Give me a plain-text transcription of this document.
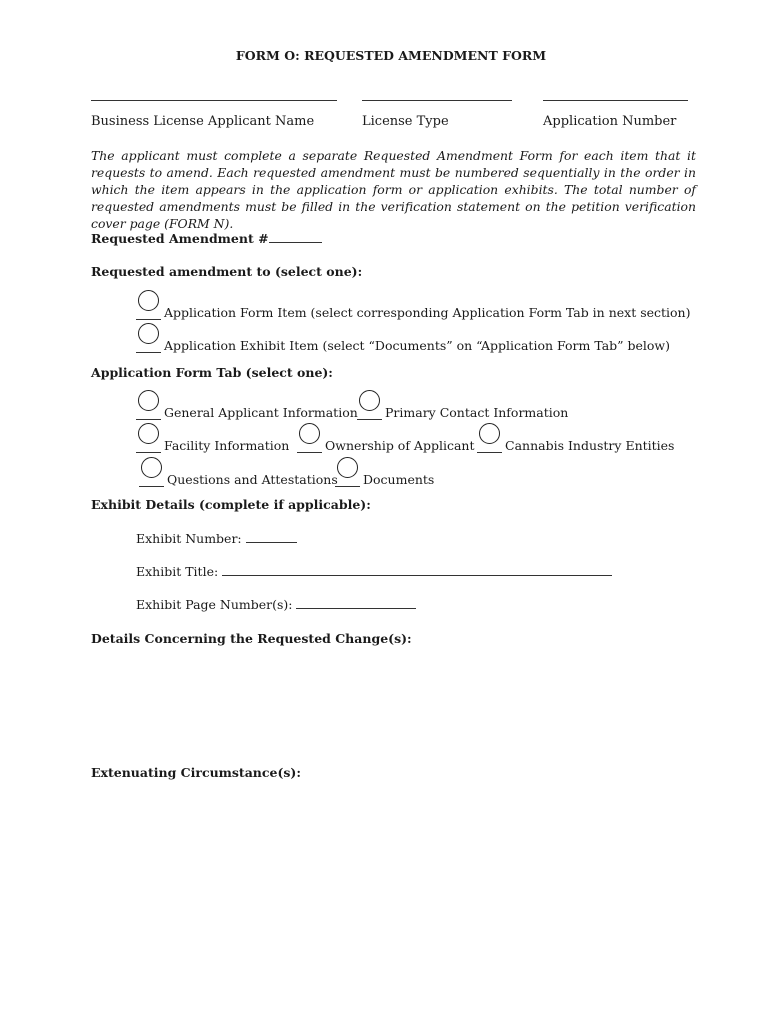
FORM O: REQUESTED AMENDMENT FORM
Business License Applicant Name	License Type	Application Number
The applicant must complete a separate Requested Amendment Form for each item that it requests to amend. Each requested amendment must be numbered sequentially in the order in which the item appears in the application form or application exhibits. The total number of requested amendments must be filled in the verification statement on the petition verification cover page (FORM N).
Requested Amendment #
Requested amendment to (select one):
Application Form Item (select corresponding Application Form Tab in next section)
Application Exhibit Item (select “Documents” on “Application Form Tab” below)
Application Form Tab (select one):
General Applicant Information	Primary Contact Information
Facility Information	Ownership of Applicant	Cannabis Industry Entities
Questions and Attestations	Documents
Exhibit Details (complete if applicable):
Exhibit Number:
Exhibit Title:
Exhibit Page Number(s):
Details Concerning the Requested Change(s):
Extenuating Circumstance(s):
